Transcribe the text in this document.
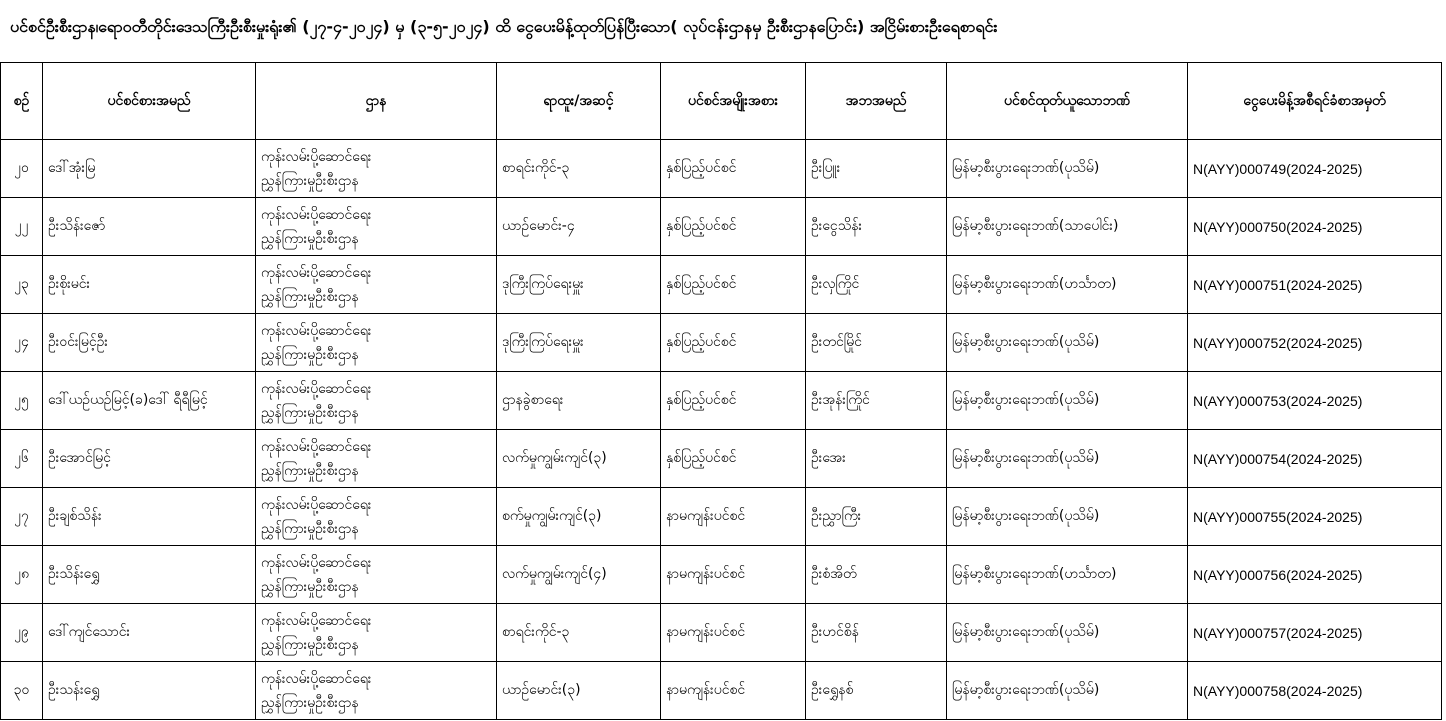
ပင်စင်ဦးစီးဌာန၊ရော၀တီတိုင်းဒေသကြီးဦးစီးမှုးရုံး၏ (၂၇-၄-၂၀၂၄) မှ (၃-၅-၂၀၂၄) ထိ ငွေပေးမိန့်ထုတ်ပြန်ပြီးသော( လုပ်ငန်းဌာနမှ ဦးစီးဌာနပြောင်း) အငြိမ်းစားဦးရေစာရင်း
စဉ်	ပင်စင်စားအမည်	ဌာန	ရာထူး/အဆင့်	ပင်စင်အမျိုးအစား	အဘအမည်	ပင်စင်ထုတ်ယူသောဘဏ်	ငွေပေးမိန့်အစီရင်ခံစာအမှတ်
၂၀	ဒေါ်အုံးမြ	ကုန်းလမ်းပို့ဆောင်ရေး
ညွှန်ကြားမှုဦးစီးဌာန	စာရင်းကိုင်-၃	နှစ်ပြည့်ပင်စင်	ဦးပြူး	မြန်မာ့စီးပွားရေးဘဏ်(ပုသိမ်)	N(AYY)000749(2024-2025)
၂၂	ဦးသိန်းဇော်	ကုန်းလမ်းပို့ဆောင်ရေး
ညွှန်ကြားမှုဦးစီးဌာန	ယာဉ်မောင်း-၄	နှစ်ပြည့်ပင်စင်	ဦးငွေသိန်း	မြန်မာ့စီးပွားရေးဘဏ်(သာပေါင်း)	N(AYY)000750(2024-2025)
၂၃	ဦးစိုးမင်း	ကုန်းလမ်းပို့ဆောင်ရေး
ညွှန်ကြားမှုဦးစီးဌာန	ဒုကြီးကြပ်ရေးမှူး	နှစ်ပြည့်ပင်စင်	ဦးလှကြိုင်	မြန်မာ့စီးပွားရေးဘဏ်(ဟင်္သာတ)	N(AYY)000751(2024-2025)
၂၄	ဦးဝင်းမြင့်ဦး	ကုန်းလမ်းပို့ဆောင်ရေး
ညွှန်ကြားမှုဦးစီးဌာန	ဒုကြီးကြပ်ရေးမှူး	နှစ်ပြည့်ပင်စင်	ဦးတင်မြိုင်	မြန်မာ့စီးပွားရေးဘဏ်(ပုသိမ်)	N(AYY)000752(2024-2025)
၂၅	ဒေါ်ယဉ်ယဉ်မြင့်(ခ)ဒေါ် ရီရီမြင့်	ကုန်းလမ်းပို့ဆောင်ရေး
ညွှန်ကြားမှုဦးစီးဌာန	ဌာနခွဲစာရေး	နှစ်ပြည့်ပင်စင်	ဦးအုန်းကြိုင်	မြန်မာ့စီးပွားရေးဘဏ်(ပုသိမ်)	N(AYY)000753(2024-2025)
၂၆	ဦးအောင်မြင့်	ကုန်းလမ်းပို့ဆောင်ရေး
ညွှန်ကြားမှုဦးစီးဌာန	လက်မှုကျွမ်းကျင်(၃)	နှစ်ပြည့်ပင်စင်	ဦးအေး	မြန်မာ့စီးပွားရေးဘဏ်(ပုသိမ်)	N(AYY)000754(2024-2025)
၂၇	ဦးချစ်သိန်း	ကုန်းလမ်းပို့ဆောင်ရေး
ညွှန်ကြားမှုဦးစီးဌာန	စက်မှုကျွမ်းကျင်(၃)	နာမကျန်းပင်စင်	ဦးညွှာကြီး	မြန်မာ့စီးပွားရေးဘဏ်(ပုသိမ်)	N(AYY)000755(2024-2025)
၂၈	ဦးသိန်းရွှေ	ကုန်းလမ်းပို့ဆောင်ရေး
ညွှန်ကြားမှုဦးစီးဌာန	လက်မှုကျွမ်းကျင်(၄)	နာမကျန်းပင်စင်	ဦးစံအိတ်	မြန်မာ့စီးပွားရေးဘဏ်(ဟင်္သာတ)	N(AYY)000756(2024-2025)
၂၉	ဒေါ်ကျင်သောင်း	ကုန်းလမ်းပို့ဆောင်ရေး
ညွှန်ကြားမှုဦးစီးဌာန	စာရင်းကိုင်-၃	နာမကျန်းပင်စင်	ဦးဟင်စိန်	မြန်မာ့စီးပွားရေးဘဏ်(ပုသိမ်)	N(AYY)000757(2024-2025)
၃၀	ဦးသန်းရွှေ	ကုန်းလမ်းပို့ဆောင်ရေး
ညွှန်ကြားမှုဦးစီးဌာန	ယာဉ်မောင်း(၃)	နာမကျန်းပင်စင်	ဦးရွှေနစ်	မြန်မာ့စီးပွားရေးဘဏ်(ပုသိမ်)	N(AYY)000758(2024-2025)
